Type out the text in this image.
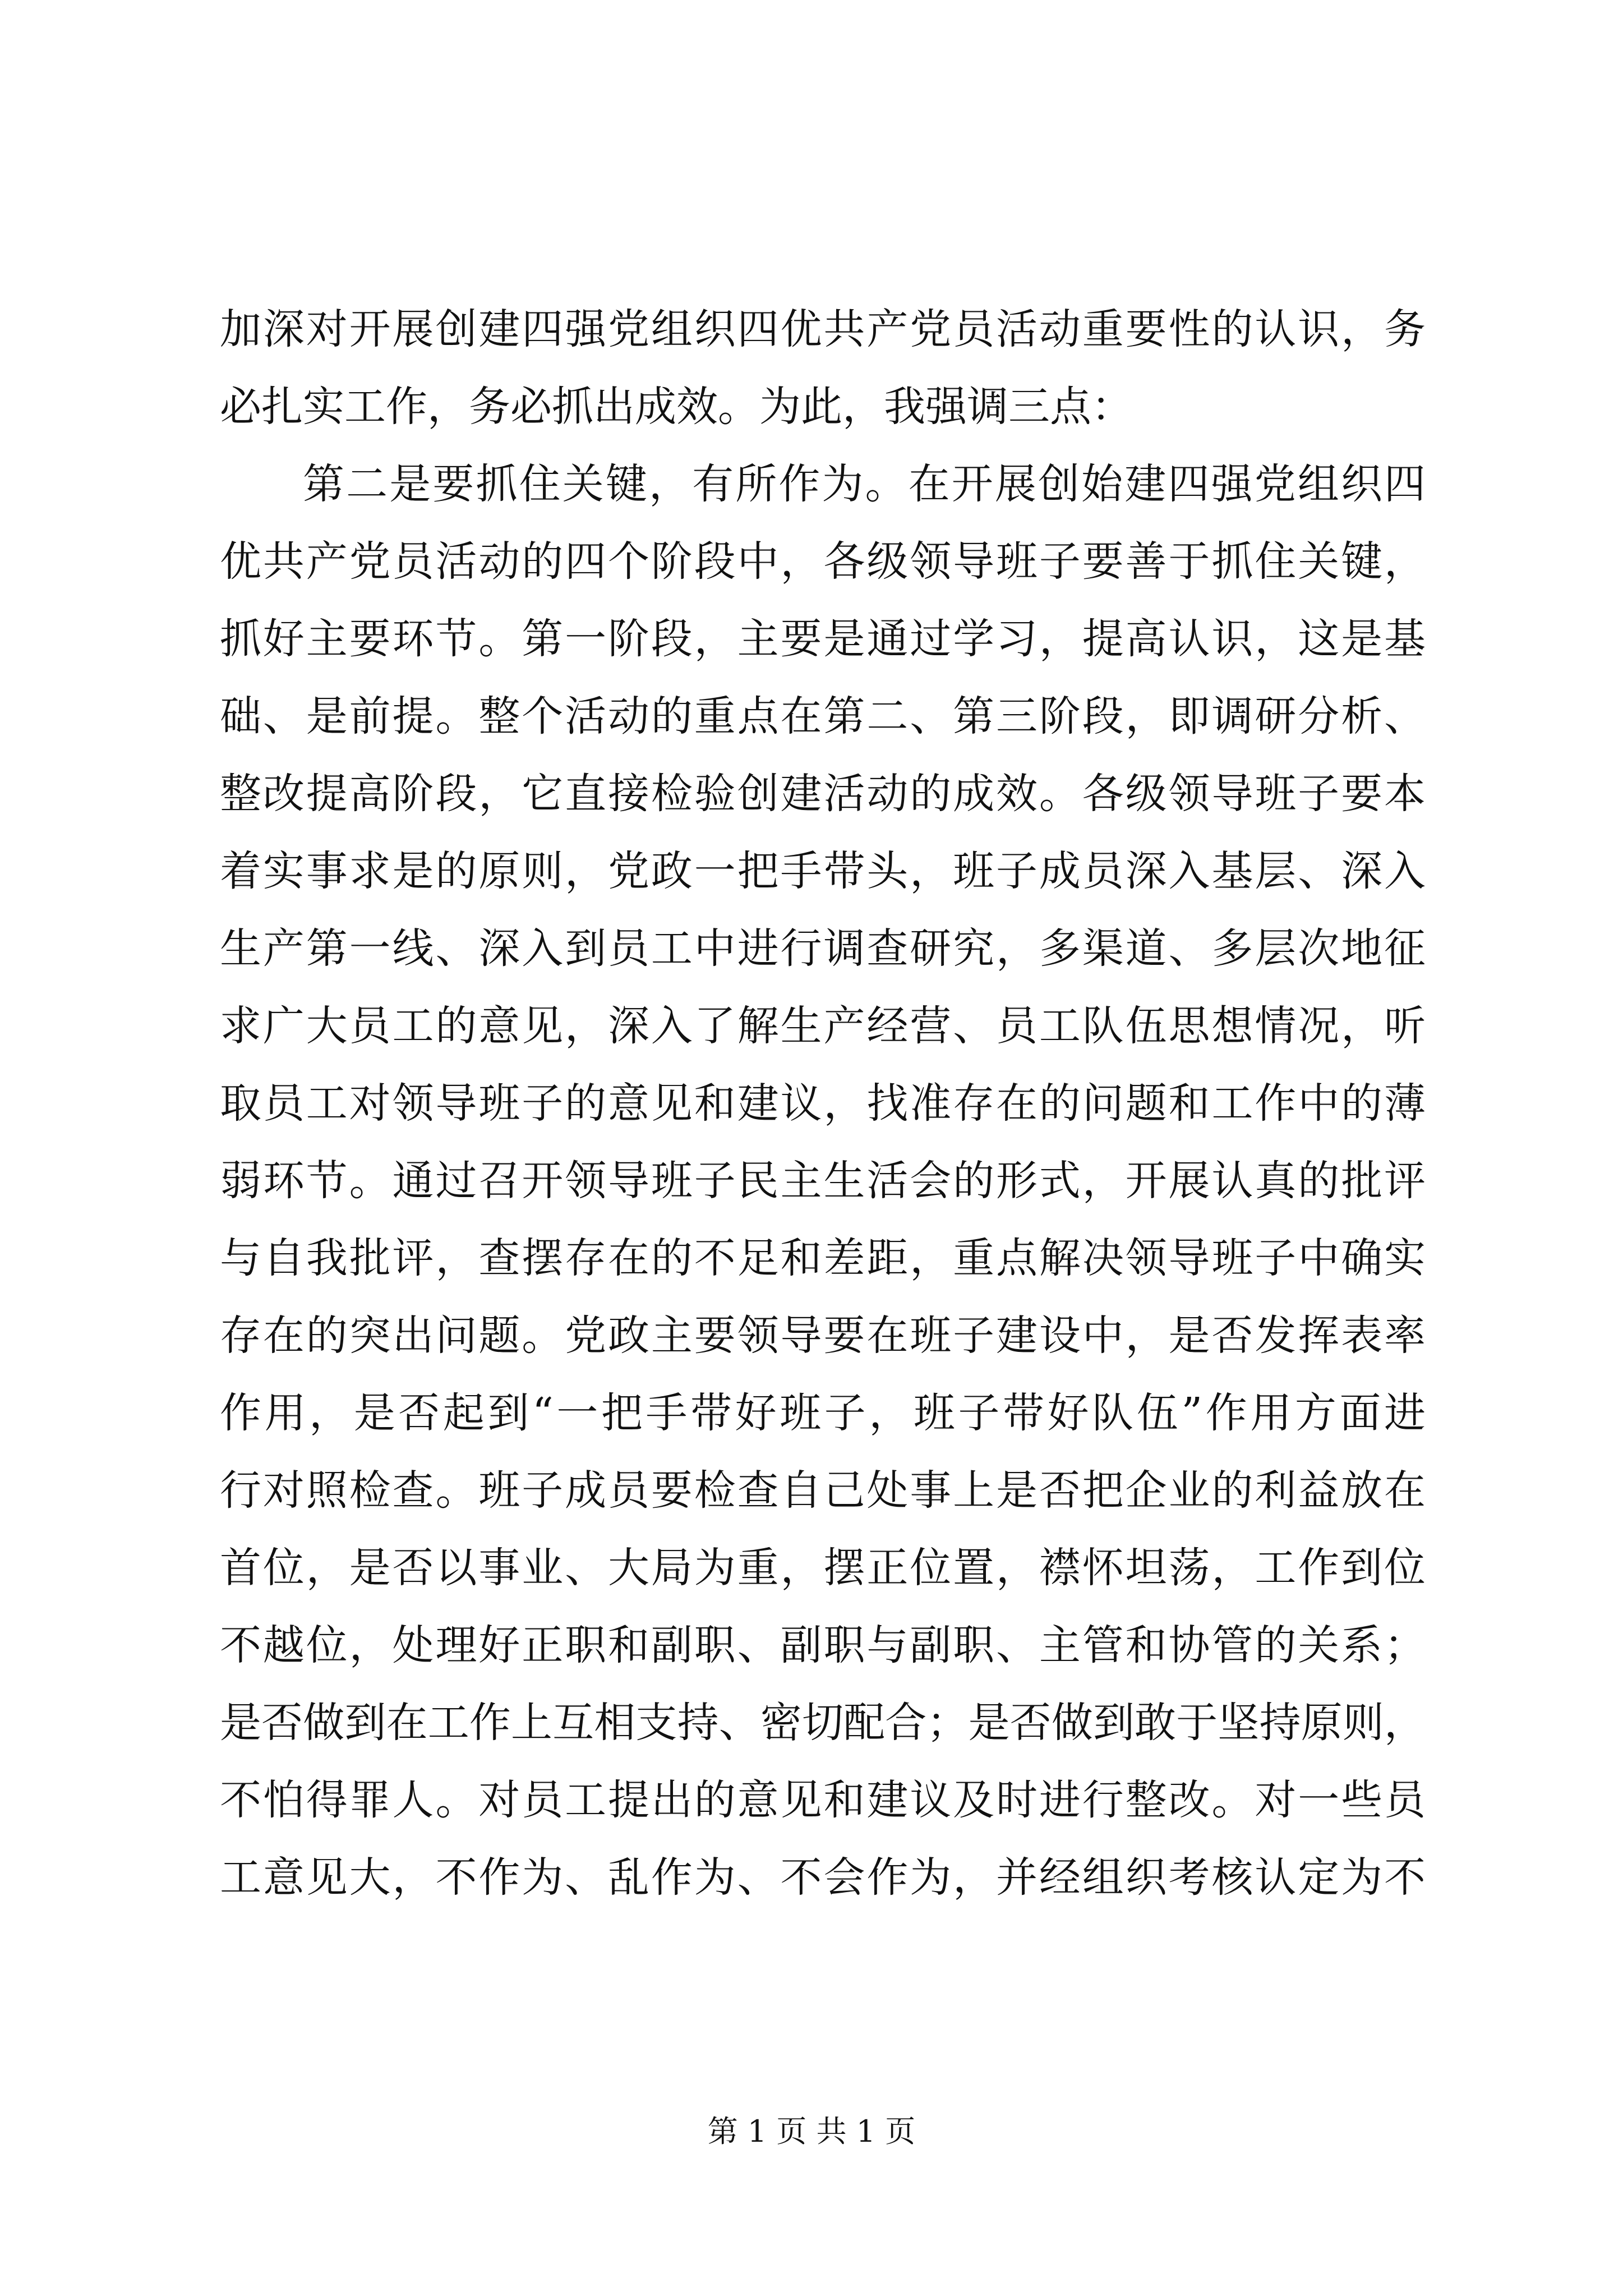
加深对开展创建四强党组织四优共产党员活动重要性的认识，务
必扎实工作，务必抓出成效。为此，我强调三点：
第二是要抓住关键，有所作为。在开展创始建四强党组织四
优共产党员活动的四个阶段中，各级领导班子要善于抓住关键，
抓好主要环节。第一阶段，主要是通过学习，提高认识，这是基
础、是前提。整个活动的重点在第二、第三阶段，即调研分析、
整改提高阶段，它直接检验创建活动的成效。各级领导班子要本
着实事求是的原则，党政一把手带头，班子成员深入基层、深入
生产第一线、深入到员工中进行调查研究，多渠道、多层次地征
求广大员工的意见，深入了解生产经营、员工队伍思想情况，听
取员工对领导班子的意见和建议，找准存在的问题和工作中的薄
弱环节。通过召开领导班子民主生活会的形式，开展认真的批评
与自我批评，查摆存在的不足和差距，重点解决领导班子中确实
存在的突出问题。党政主要领导要在班子建设中，是否发挥表率
作用，是否起到“一把手带好班子，班子带好队伍”作用方面进
行对照检查。班子成员要检查自己处事上是否把企业的利益放在
首位，是否以事业、大局为重，摆正位置，襟怀坦荡，工作到位
不越位，处理好正职和副职、副职与副职、主管和协管的关系；
是否做到在工作上互相支持、密切配合；是否做到敢于坚持原则，
不怕得罪人。对员工提出的意见和建议及时进行整改。对一些员
工意见大，不作为、乱作为、不会作为，并经组织考核认定为不
第 1 页 共 1 页
